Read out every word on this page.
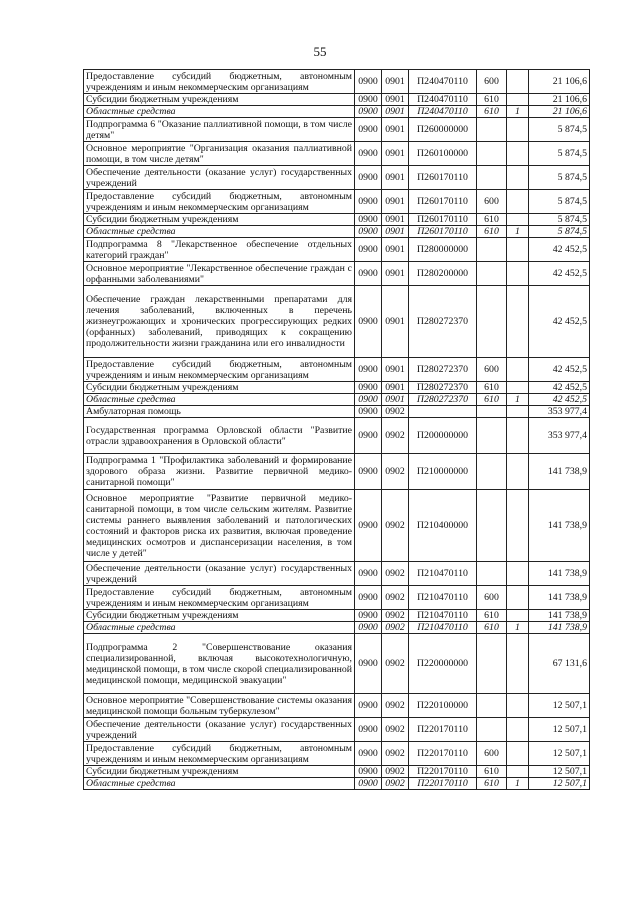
55
Предоставление субсидий бюджетным, автономным учреждениям и иным некоммерческим организациям	0900	0901	П240470110	600		21 106,6
Субсидии бюджетным учреждениям	0900	0901	П240470110	610		21 106,6
Областные средства	0900	0901	П240470110	610	1	21 106,6
Подпрограмма 6 "Оказание паллиативной помощи, в том числе детям"	0900	0901	П260000000			5 874,5
Основное мероприятие "Организация оказания паллиативной помощи, в том числе детям"	0900	0901	П260100000			5 874,5
Обеспечение деятельности (оказание услуг) государственных учреждений	0900	0901	П260170110			5 874,5
Предоставление субсидий бюджетным, автономным учреждениям и иным некоммерческим организациям	0900	0901	П260170110	600		5 874,5
Субсидии бюджетным учреждениям	0900	0901	П260170110	610		5 874,5
Областные средства	0900	0901	П260170110	610	1	5 874,5
Подпрограмма 8 "Лекарственное обеспечение отдельных категорий граждан"	0900	0901	П280000000			42 452,5
Основное мероприятие "Лекарственное обеспечение граждан с орфанными заболеваниями"	0900	0901	П280200000			42 452,5
Обеспечение граждан лекарственными препаратами для лечения заболеваний, включенных в перечень жизнеугрожающих и хронических прогрессирующих редких (орфанных) заболеваний, приводящих к сокращению продолжительности жизни гражданина или его инвалидности	0900	0901	П280272370			42 452,5
Предоставление субсидий бюджетным, автономным учреждениям и иным некоммерческим организациям	0900	0901	П280272370	600		42 452,5
Субсидии бюджетным учреждениям	0900	0901	П280272370	610		42 452,5
Областные средства	0900	0901	П280272370	610	1	42 452,5
Амбулаторная помощь	0900	0902				353 977,4
Государственная программа Орловской области "Развитие отрасли здравоохранения в Орловской области"	0900	0902	П200000000			353 977,4
Подпрограмма 1 "Профилактика заболеваний и формирование здорового образа жизни. Развитие первичной медико-санитарной помощи"	0900	0902	П210000000			141 738,9
Основное мероприятие "Развитие первичной медико-санитарной помощи, в том числе сельским жителям. Развитие системы раннего выявления заболеваний и патологических состояний и факторов риска их развития, включая проведение медицинских осмотров и диспансеризации населения, в том числе у детей"	0900	0902	П210400000			141 738,9
Обеспечение деятельности (оказание услуг) государственных учреждений	0900	0902	П210470110			141 738,9
Предоставление субсидий бюджетным, автономным учреждениям и иным некоммерческим организациям	0900	0902	П210470110	600		141 738,9
Субсидии бюджетным учреждениям	0900	0902	П210470110	610		141 738,9
Областные средства	0900	0902	П210470110	610	1	141 738,9
Подпрограмма 2 "Совершенствование оказания специализированной, включая высокотехнологичную, медицинской помощи, в том числе скорой специализированной медицинской помощи, медицинской эвакуации"	0900	0902	П220000000			67 131,6
Основное мероприятие "Совершенствование системы оказания медицинской помощи больным туберкулезом"	0900	0902	П220100000			12 507,1
Обеспечение деятельности (оказание услуг) государственных учреждений	0900	0902	П220170110			12 507,1
Предоставление субсидий бюджетным, автономным учреждениям и иным некоммерческим организациям	0900	0902	П220170110	600		12 507,1
Субсидии бюджетным учреждениям	0900	0902	П220170110	610		12 507,1
Областные средства	0900	0902	П220170110	610	1	12 507,1
